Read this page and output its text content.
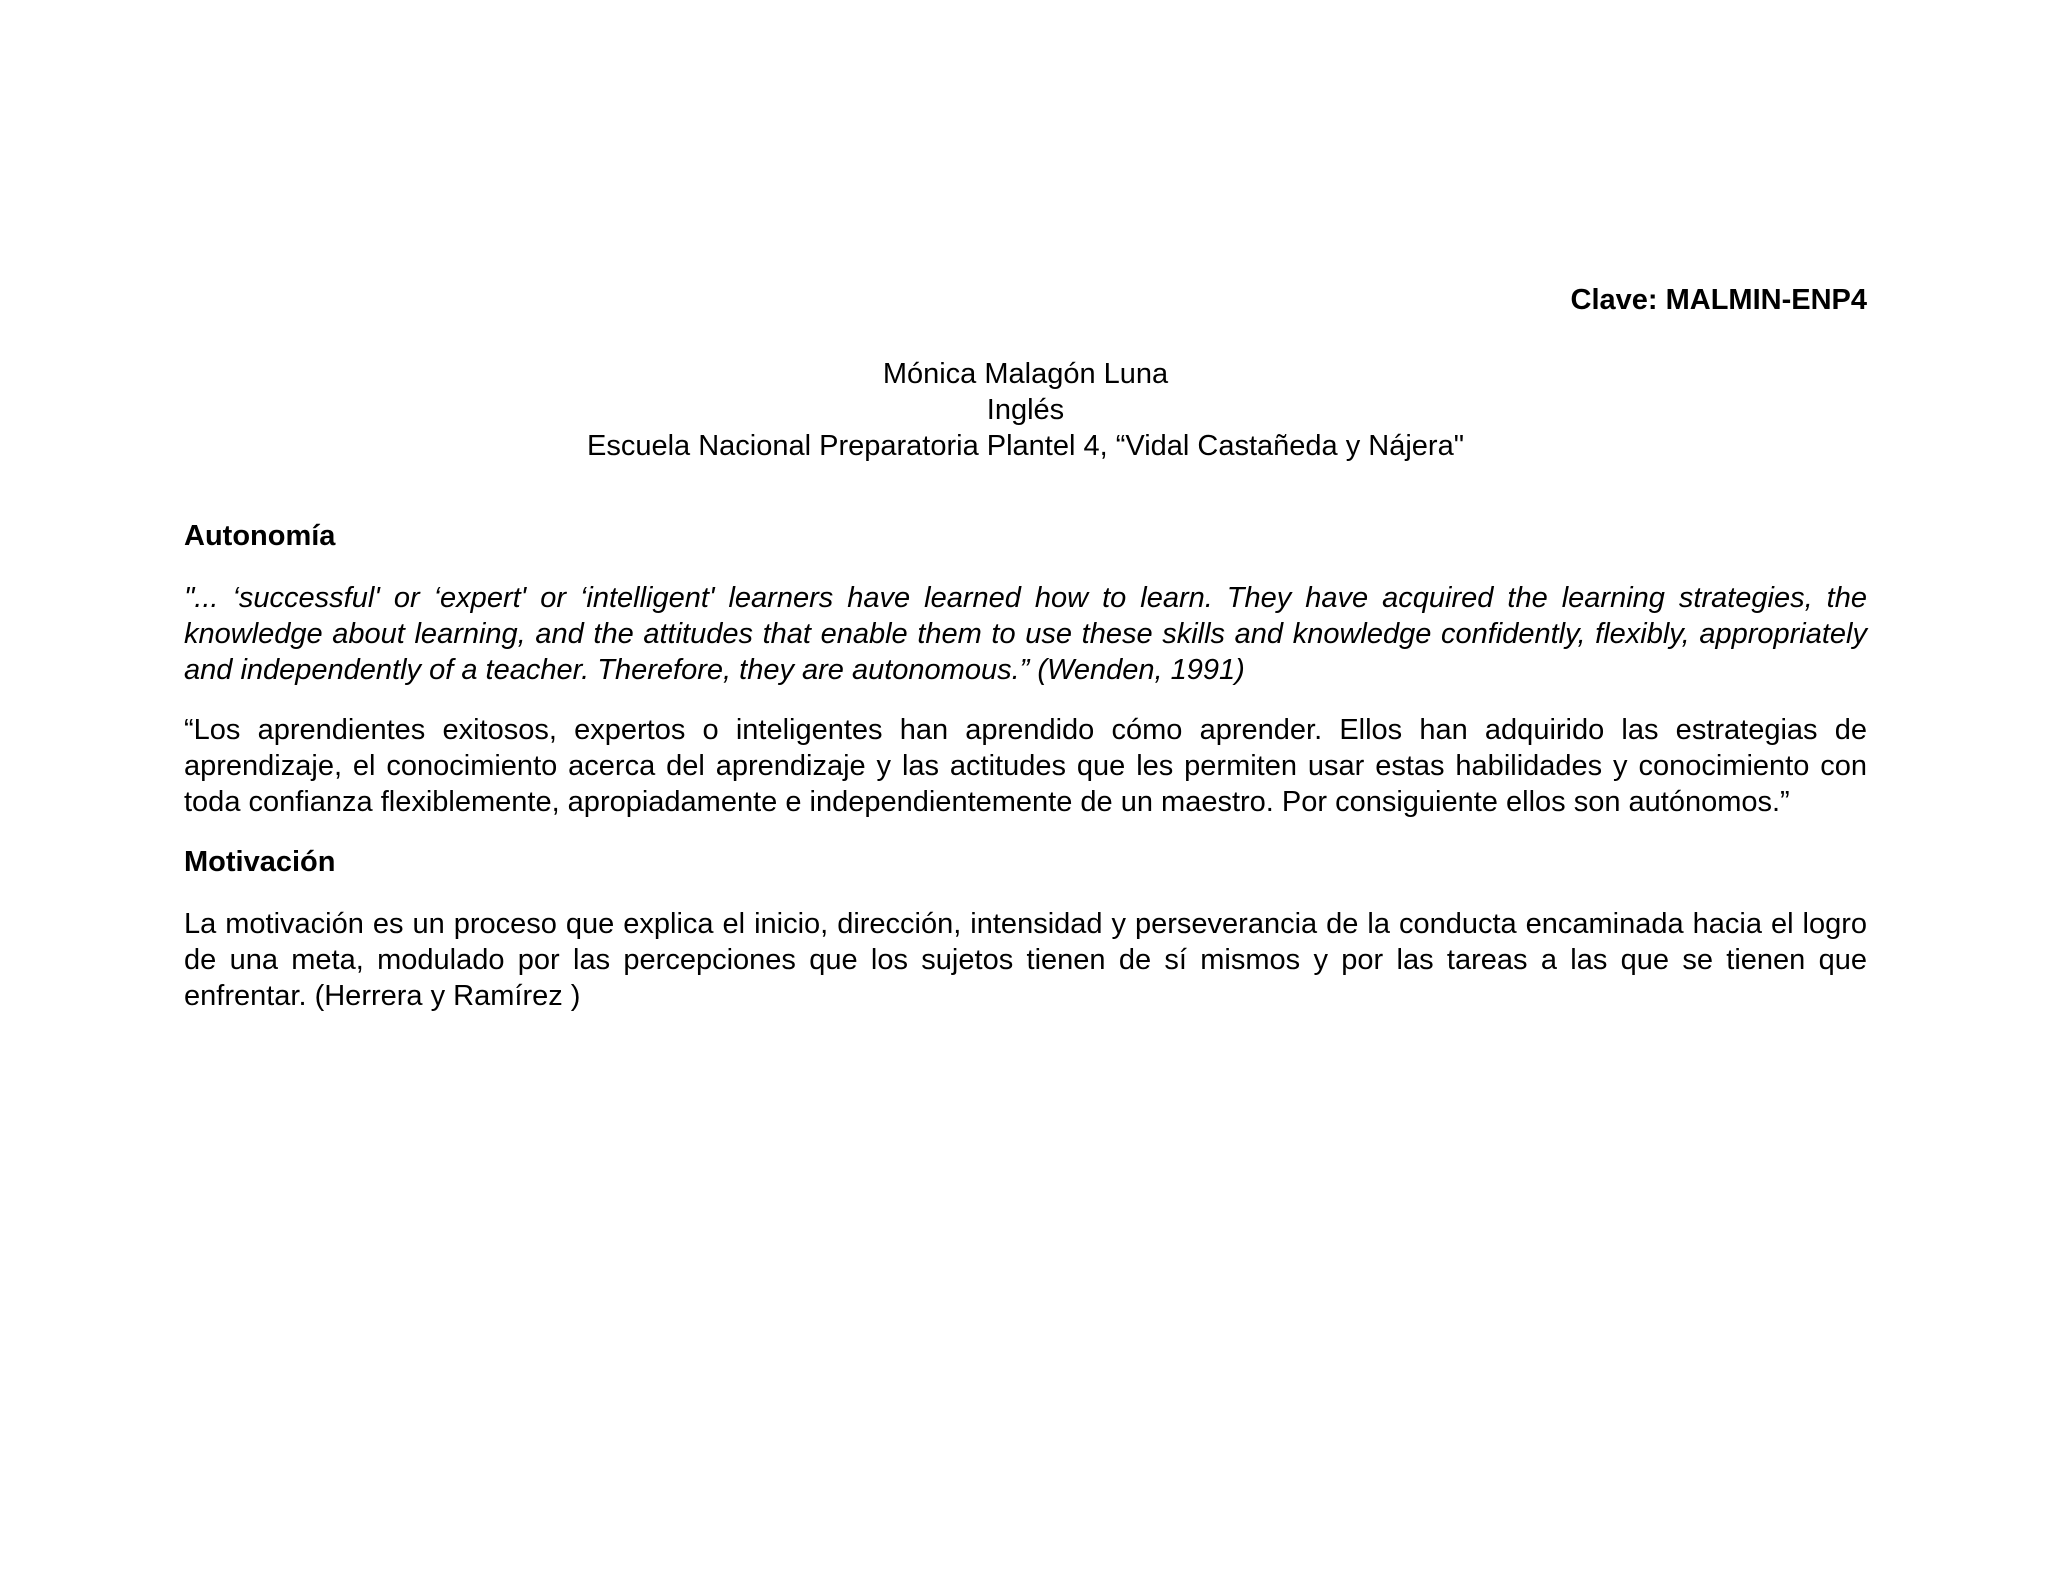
Clave: MALMIN-ENP4

Mónica Malagón Luna
Inglés
Escuela Nacional Preparatoria Plantel 4, “Vidal Castañeda y Nájera"
Autonomía

"... ‘successful' or ‘expert' or ‘intelligent' learners have learned how to learn. They have acquired the learning strategies, the knowledge about learning, and the attitudes that enable them to use these skills and knowledge confidently, flexibly, appropriately and independently of a teacher. Therefore, they are autonomous.” (Wenden, 1991)

“Los aprendientes exitosos, expertos o inteligentes han aprendido cómo aprender. Ellos han adquirido las estrategias de aprendizaje, el conocimiento acerca del aprendizaje y las actitudes que les permiten usar estas habilidades y conocimiento con toda confianza flexiblemente, apropiadamente e independientemente de un maestro. Por consiguiente ellos son autónomos.”

Motivación

La motivación es un proceso que explica el inicio, dirección, intensidad y perseverancia de la conducta encaminada hacia el logro de una meta, modulado por las percepciones que los sujetos tienen de sí mismos y por las tareas a las que se tienen que enfrentar. (Herrera y Ramírez )
